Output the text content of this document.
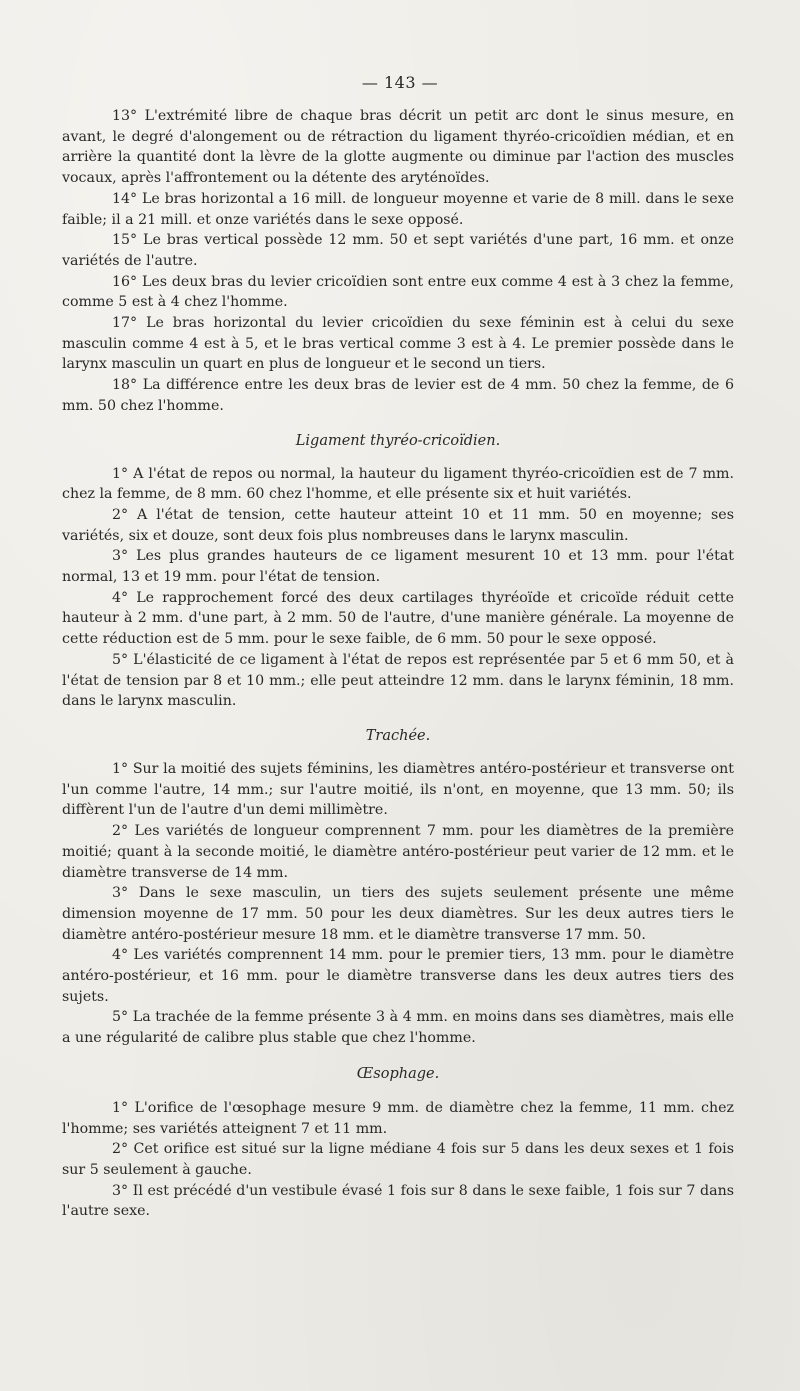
— 143 —

13° L'extrémité libre de chaque bras décrit un petit arc dont le sinus mesure, en avant, le degré d'alongement ou de rétraction du ligament thyréo-cricoïdien médian, et en arrière la quantité dont la lèvre de la glotte augmente ou diminue par l'action des muscles vocaux, après l'affrontement ou la détente des aryténoïdes.

14° Le bras horizontal a 16 mill. de longueur moyenne et varie de 8 mill. dans le sexe faible; il a 21 mill. et onze variétés dans le sexe opposé.

15° Le bras vertical possède 12 mm. 50 et sept variétés d'une part, 16 mm. et onze variétés de l'autre.

16° Les deux bras du levier cricoïdien sont entre eux comme 4 est à 3 chez la femme, comme 5 est à 4 chez l'homme.

17° Le bras horizontal du levier cricoïdien du sexe féminin est à celui du sexe masculin comme 4 est à 5, et le bras vertical comme 3 est à 4. Le premier possède dans le larynx masculin un quart en plus de longueur et le second un tiers.

18° La différence entre les deux bras de levier est de 4 mm. 50 chez la femme, de 6 mm. 50 chez l'homme.

Ligament thyréo-cricoïdien.

1° A l'état de repos ou normal, la hauteur du ligament thyréo-cricoïdien est de 7 mm. chez la femme, de 8 mm. 60 chez l'homme, et elle présente six et huit variétés.

2° A l'état de tension, cette hauteur atteint 10 et 11 mm. 50 en moyenne; ses variétés, six et douze, sont deux fois plus nombreuses dans le larynx masculin.

3° Les plus grandes hauteurs de ce ligament mesurent 10 et 13 mm. pour l'état normal, 13 et 19 mm. pour l'état de tension.

4° Le rapprochement forcé des deux cartilages thyréoïde et cricoïde réduit cette hauteur à 2 mm. d'une part, à 2 mm. 50 de l'autre, d'une manière générale. La moyenne de cette réduction est de 5 mm. pour le sexe faible, de 6 mm. 50 pour le sexe opposé.

5° L'élasticité de ce ligament à l'état de repos est représentée par 5 et 6 mm 50, et à l'état de tension par 8 et 10 mm.; elle peut atteindre 12 mm. dans le larynx féminin, 18 mm. dans le larynx masculin.

Trachée.

1° Sur la moitié des sujets féminins, les diamètres antéro-postérieur et transverse ont l'un comme l'autre, 14 mm.; sur l'autre moitié, ils n'ont, en moyenne, que 13 mm. 50; ils diffèrent l'un de l'autre d'un demi millimètre.

2° Les variétés de longueur comprennent 7 mm. pour les diamètres de la première moitié; quant à la seconde moitié, le diamètre antéro-postérieur peut varier de 12 mm. et le diamètre transverse de 14 mm.

3° Dans le sexe masculin, un tiers des sujets seulement présente une même dimension moyenne de 17 mm. 50 pour les deux diamètres. Sur les deux autres tiers le diamètre antéro-postérieur mesure 18 mm. et le diamètre transverse 17 mm. 50.

4° Les variétés comprennent 14 mm. pour le premier tiers, 13 mm. pour le diamètre antéro-postérieur, et 16 mm. pour le diamètre transverse dans les deux autres tiers des sujets.

5° La trachée de la femme présente 3 à 4 mm. en moins dans ses diamètres, mais elle a une régularité de calibre plus stable que chez l'homme.

Œsophage.

1° L'orifice de l'œsophage mesure 9 mm. de diamètre chez la femme, 11 mm. chez l'homme; ses variétés atteignent 7 et 11 mm.

2° Cet orifice est situé sur la ligne médiane 4 fois sur 5 dans les deux sexes et 1 fois sur 5 seulement à gauche.

3° Il est précédé d'un vestibule évasé 1 fois sur 8 dans le sexe faible, 1 fois sur 7 dans l'autre sexe.
